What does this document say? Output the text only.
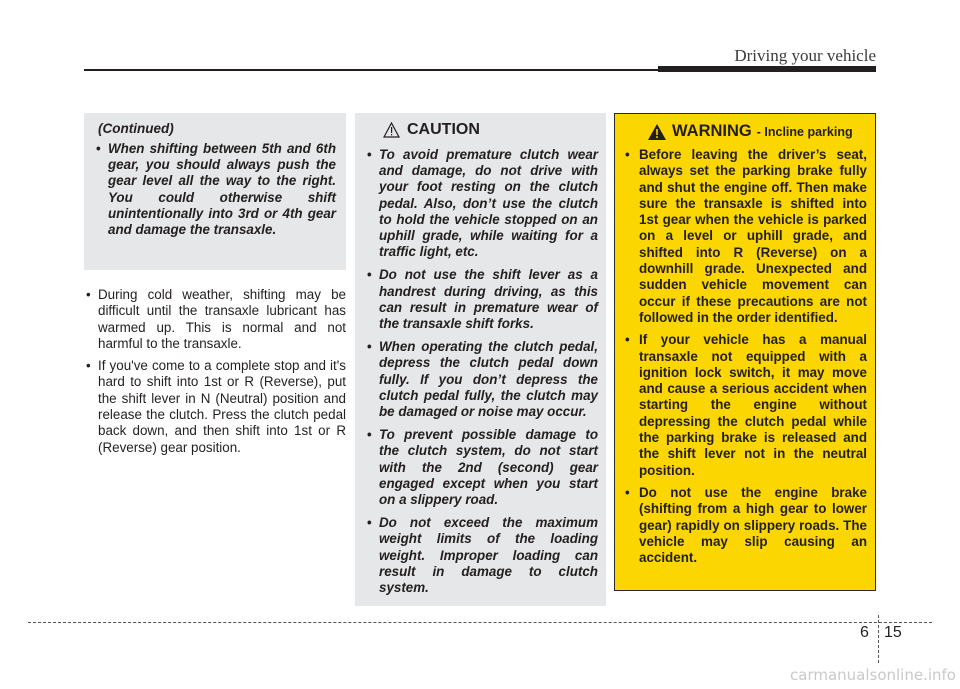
Driving your vehicle
(Continued)
• When shifting between 5th and 6th gear, you should always push the gear level all the way to the right. You could otherwise shift unintentionally into 3rd or 4th gear and damage the transaxle.
• During cold weather, shifting may be difficult until the transaxle lubricant has warmed up. This is normal and not harmful to the transaxle.
• If you've come to a complete stop and it's hard to shift into 1st or R (Reverse), put the shift lever in N (Neutral) position and release the clutch. Press the clutch pedal back down, and then shift into 1st or R (Reverse) gear position.
CAUTION
• To avoid premature clutch wear and damage, do not drive with your foot resting on the clutch pedal. Also, don’t use the clutch to hold the vehicle stopped on an uphill grade, while waiting for a traffic light, etc.
• Do not use the shift lever as a handrest during driving, as this can result in premature wear of the transaxle shift forks.
• When operating the clutch pedal, depress the clutch pedal down fully. If you don’t depress the clutch pedal fully, the clutch may be damaged or noise may occur.
• To prevent possible damage to the clutch system, do not start with the 2nd (second) gear engaged except when you start on a slippery road.
• Do not exceed the maximum weight limits of the loading weight. Improper loading can result in damage to clutch system.
WARNING - Incline parking
• Before leaving the driver’s seat, always set the parking brake fully and shut the engine off. Then make sure the transaxle is shifted into 1st gear when the vehicle is parked on a level or uphill grade, and shifted into R (Reverse) on a downhill grade. Unexpected and sudden vehicle movement can occur if these precautions are not followed in the order identified.
• If your vehicle has a manual transaxle not equipped with a ignition lock switch, it may move and cause a serious accident when starting the engine without depressing the clutch pedal while the parking brake is released and the shift lever not in the neutral position.
• Do not use the engine brake (shifting from a high gear to lower gear) rapidly on slippery roads. The vehicle may slip causing an accident.
6 15
carmanualsonline.info
